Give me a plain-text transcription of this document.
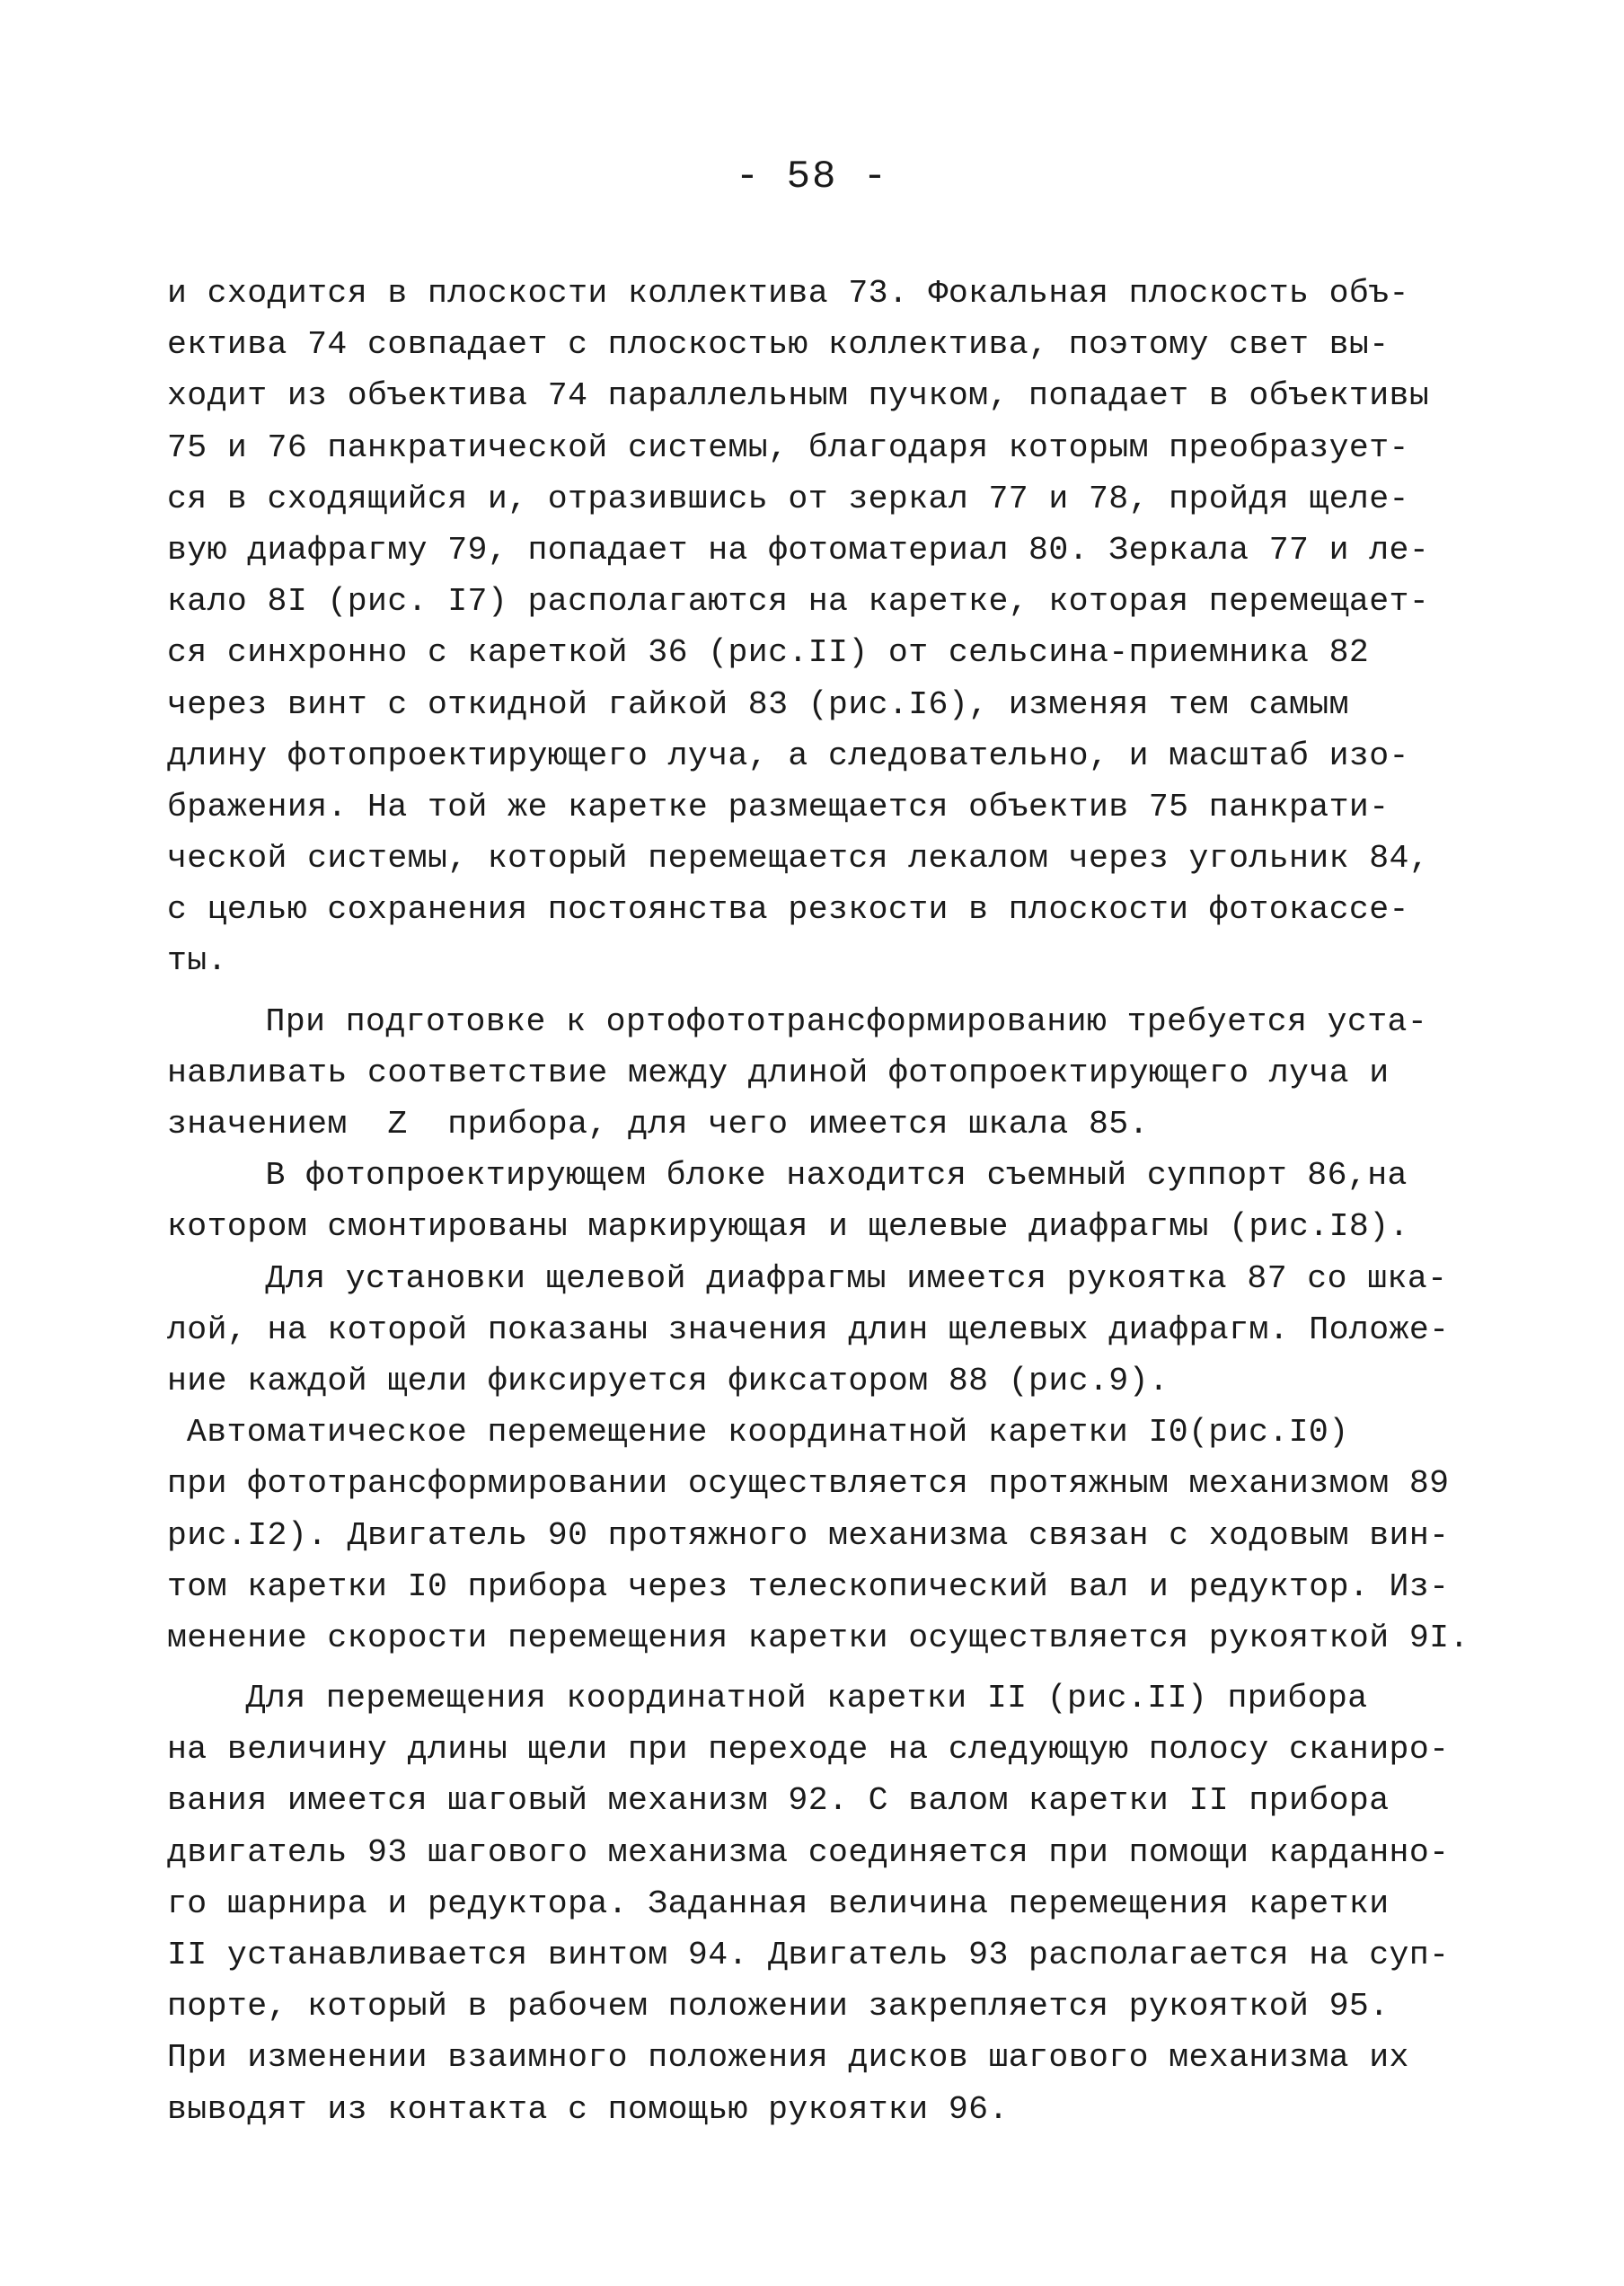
- 58 -
и сходится в плоскости коллектива 73. Фокальная плоскость объ-
ектива 74 совпадает с плоскостью коллектива, поэтому свет вы-
ходит из объектива 74 параллельным пучком, попадает в объективы
75 и 76 панкратической системы, благодаря которым преобразует-
ся в сходящийся и, отразившись от зеркал 77 и 78, пройдя щеле-
вую диафрагму 79, попадает на фотоматериал 80. Зеркала 77 и ле-
кало 8I (рис. I7) располагаются на каретке, которая перемещает-
ся синхронно с кареткой 36 (рис.II) от сельсина-приемника 82
через винт с откидной гайкой 83 (рис.I6), изменяя тем самым
длину фотопроектирующего луча, а следовательно, и масштаб изо-
бражения. На той же каретке размещается объектив 75 панкрати-
ческой системы, который перемещается лекалом через угольник 84,
с целью сохранения постоянства резкости в плоскости фотокассе-
ты.
При подготовке к ортофототрансформированию требуется уста-
навливать соответствие между длиной фотопроектирующего луча и
значением  Z  прибора, для чего имеется шкала 85.
В фотопроектирующем блоке находится съемный суппорт 86,на
котором смонтированы маркирующая и щелевые диафрагмы (рис.I8).
Для установки щелевой диафрагмы имеется рукоятка 87 со шка-
лой, на которой показаны значения длин щелевых диафрагм. Положе-
ние каждой щели фиксируется фиксатором 88 (рис.9).
Автоматическое перемещение координатной каретки I0(рис.I0)
при фототрансформировании осуществляется протяжным механизмом 89
рис.I2). Двигатель 90 протяжного механизма связан с ходовым вин-
том каретки I0 прибора через телескопический вал и редуктор. Из-
менение скорости перемещения каретки осуществляется рукояткой 9I.
Для перемещения координатной каретки II (рис.II) прибора
на величину длины щели при переходе на следующую полосу сканиро-
вания имеется шаговый механизм 92. С валом каретки II прибора
двигатель 93 шагового механизма соединяется при помощи карданно-
го шарнира и редуктора. Заданная величина перемещения каретки
II устанавливается винтом 94. Двигатель 93 располагается на суп-
порте, который в рабочем положении закрепляется рукояткой 95.
При изменении взаимного положения дисков шагового механизма их
выводят из контакта с помощью рукоятки 96.
